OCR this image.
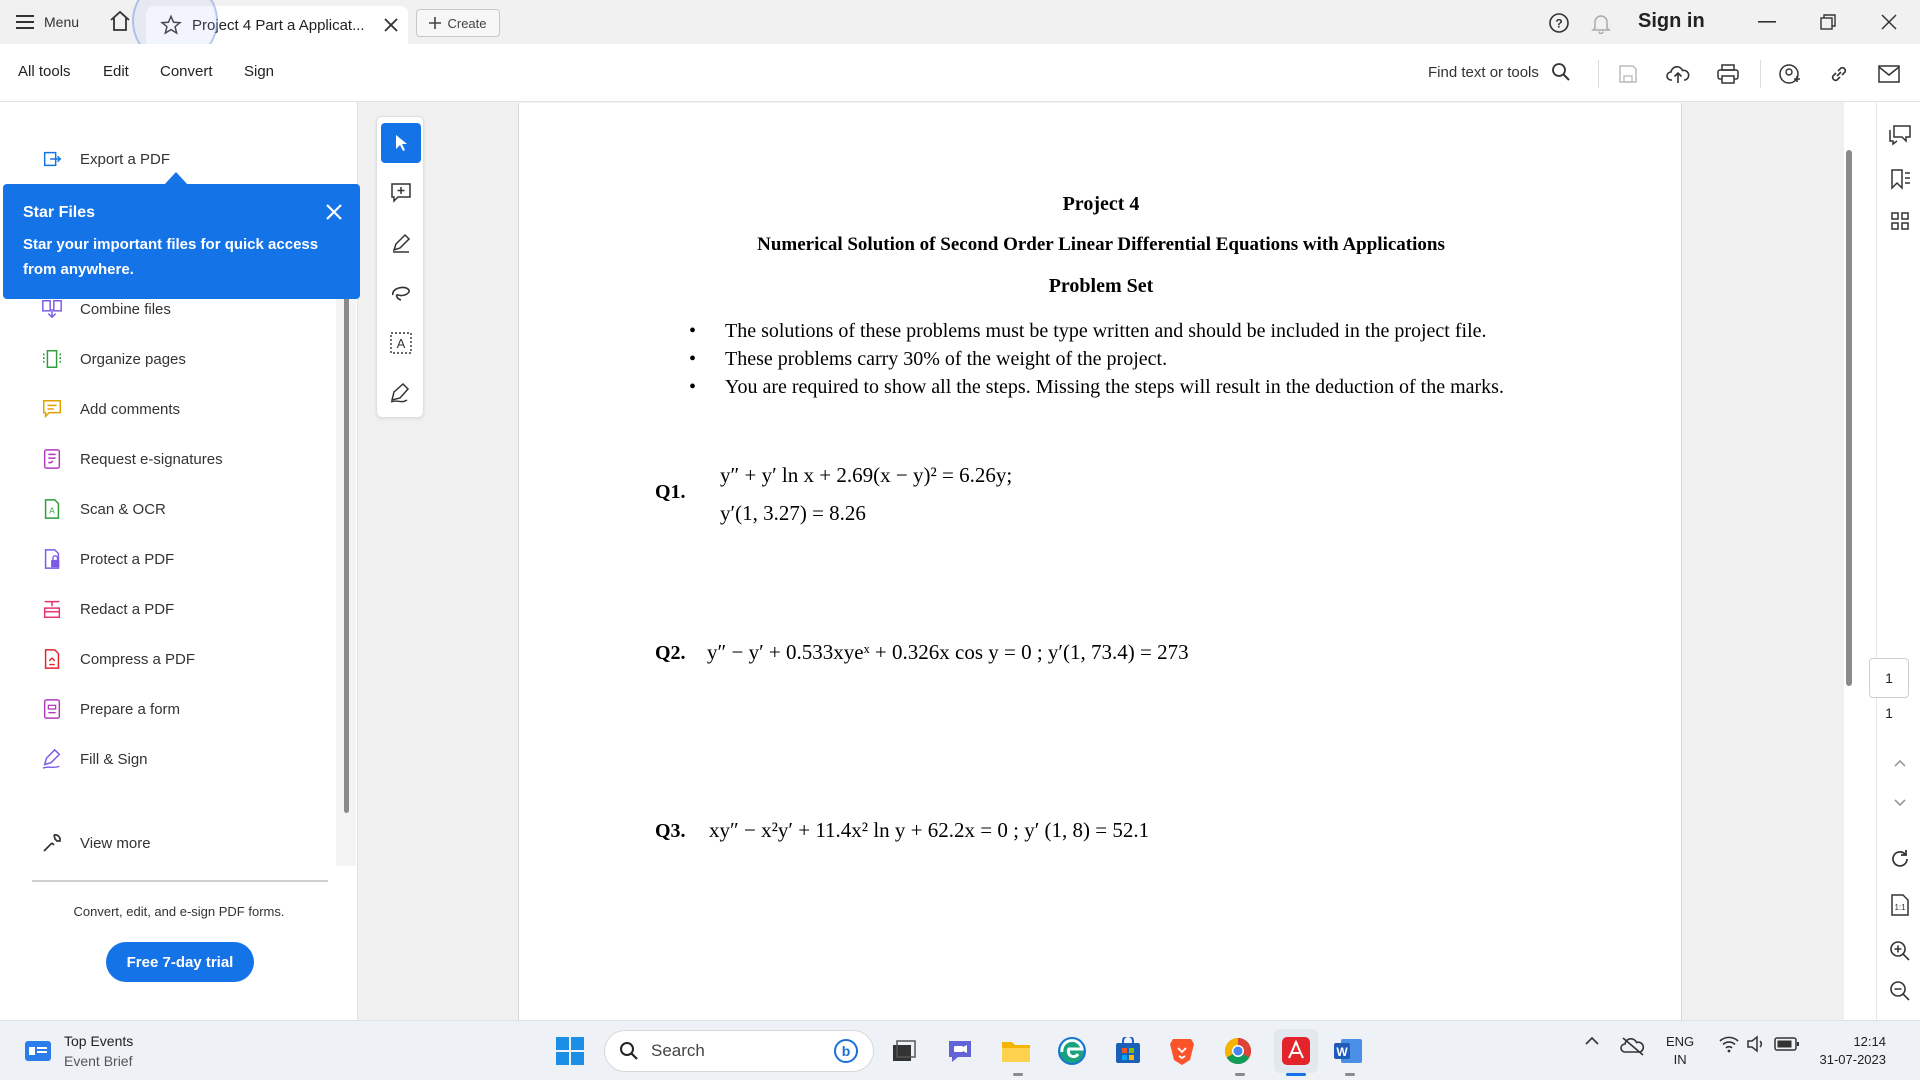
Menu	Project 4 Part a Applicat...	Create	?	Sign in
All tools Edit Convert Sign	Find text or tools
Export a PDF
Combine files
Organize pages
Add comments
Request e-signatures
A Scan & OCR
Protect a PDF
Redact a PDF
Compress a PDF
Prepare a form
Fill & Sign
View more
Convert, edit, and e-sign PDF forms.
Free 7-day trial
Star Files
Star your important files for quick access from anywhere.
A
Project 4
Numerical Solution of Second Order Linear Differential Equations with Applications
Problem Set
• The solutions of these problems must be type written and should be included in the project file.
• These problems carry 30% of the weight of the project.
• You are required to show all the steps. Missing the steps will result in the deduction of the marks.
Q1.
y″ + y′ ln x + 2.69(x − y)² = 6.26y;
y′(1, 3.27) = 8.26
Q2. y″ − y′ + 0.533xyeˣ + 0.326x cos y = 0 ; y′(1, 73.4) = 273
Q3. xy″ − x²y′ + 11.4x² ln y + 62.2x = 0 ; y′ (1, 8) = 52.1
1:1
1
1
Top Events
Event Brief
Search	b	W
ENG
IN
12:14
31-07-2023
